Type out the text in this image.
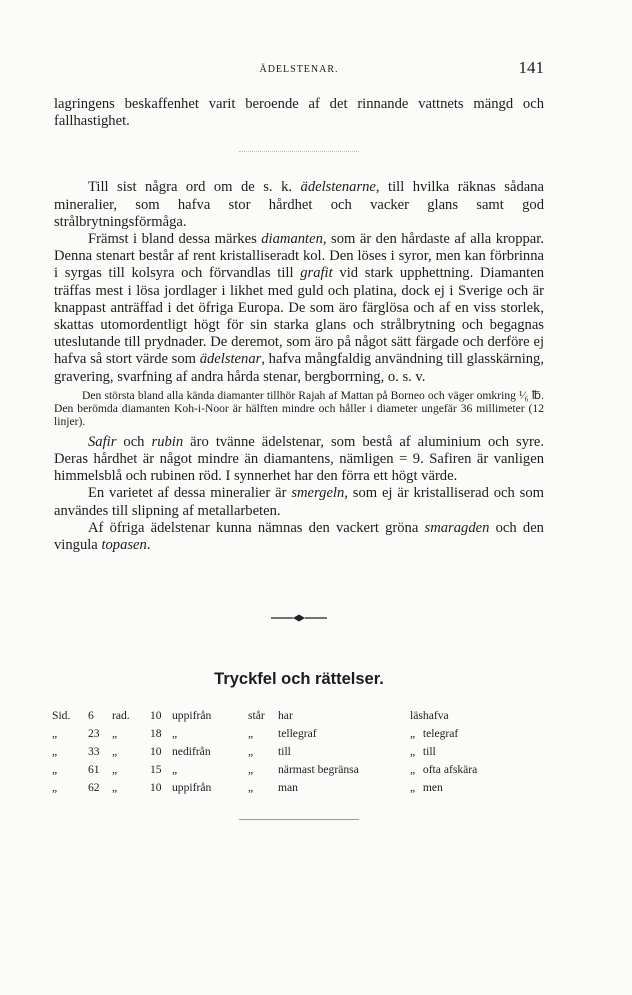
ÄDELSTENAR.	141

lagringens beskaffenhet varit beroende af det rinnande vattnets mängd och fallhastighet.

Till sist några ord om de s. k. ädelstenarne, till hvilka räknas sådana mineralier, som hafva stor hårdhet och vacker glans samt god strålbrytningsförmåga.

Främst i bland dessa märkes diamanten, som är den hårdaste af alla kroppar. Denna stenart består af rent kristalliseradt kol. Den löses i syror, men kan förbrinna i syrgas till kolsyra och förvandlas till grafit vid stark upphettning. Diamanten träffas mest i lösa jordlager i likhet med guld och platina, dock ej i Sverige och är knappast anträffad i det öfriga Europa. De som äro färglösa och af en viss storlek, skattas utomordentligt högt för sin starka glans och strålbrytning och begagnas uteslutande till prydnader. De deremot, som äro på något sätt färgade och derföre ej hafva så stort värde som ädelstenar, hafva mångfaldig användning till glasskärning, gravering, svarfning af andra hårda stenar, bergborrning, o. s. v.

Den största bland alla kända diamanter tillhör Rajah af Mattan på Borneo och väger omkring ¹⁄₆ ℔. Den berömda diamanten Koh-i-Noor är hälften mindre och håller i diameter ungefär 36 millimeter (12 linjer).

Safir och rubin äro tvänne ädelstenar, som bestå af aluminium och syre. Deras hårdhet är något mindre än diamantens, nämligen = 9. Safiren är vanligen himmelsblå och rubinen röd. I synnerhet har den förra ett högt värde.

En varietet af dessa mineralier är smergeln, som ej är kristalliserad och som användes till slipning af metallarbeten.

Af öfriga ädelstenar kunna nämnas den vackert gröna smaragden och den vingula topasen.

Tryckfel och rättelser.
Sid.	6	rad.	10	uppifrån	står	har	läs	hafva
„	23	„	18	„	„	tellegraf	„	telegraf
„	33	„	10	nedifrån	„	till	„	till
„	61	„	15	„	„	närmast begränsa	„	ofta afskära
„	62	„	10	uppifrån	„	man	„	men
